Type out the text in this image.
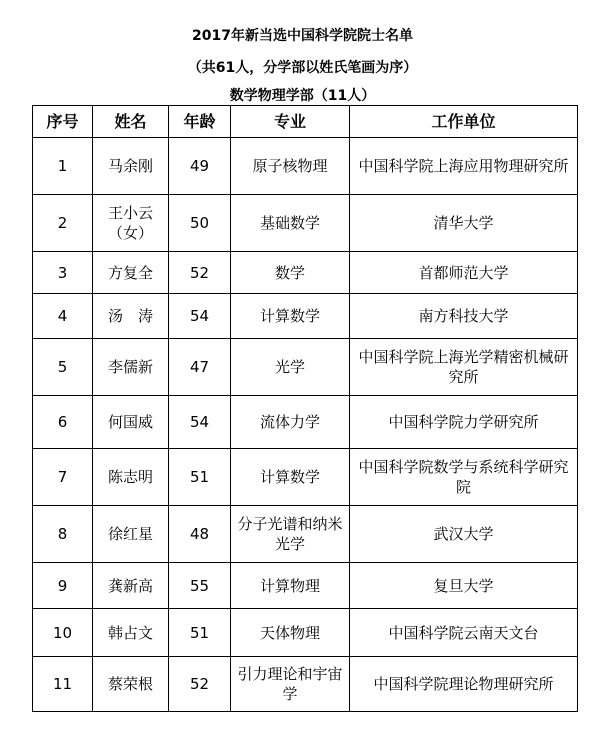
2017年新当选中国科学院院士名单
（共61人，分学部以姓氏笔画为序）
数学物理学部（11人）
序号	姓名	年龄	专业	工作单位
1	马余刚	49	原子核物理	中国科学院上海应用物理研究所
2	王小云（女）	50	基础数学	清华大学
3	方复全	52	数学	首都师范大学
4	汤　涛	54	计算数学	南方科技大学
5	李儒新	47	光学	中国科学院上海光学精密机械研究所
6	何国威	54	流体力学	中国科学院力学研究所
7	陈志明	51	计算数学	中国科学院数学与系统科学研究院
8	徐红星	48	分子光谱和纳米光学	武汉大学
9	龚新高	55	计算物理	复旦大学
10	韩占文	51	天体物理	中国科学院云南天文台
11	蔡荣根	52	引力理论和宇宙学	中国科学院理论物理研究所
